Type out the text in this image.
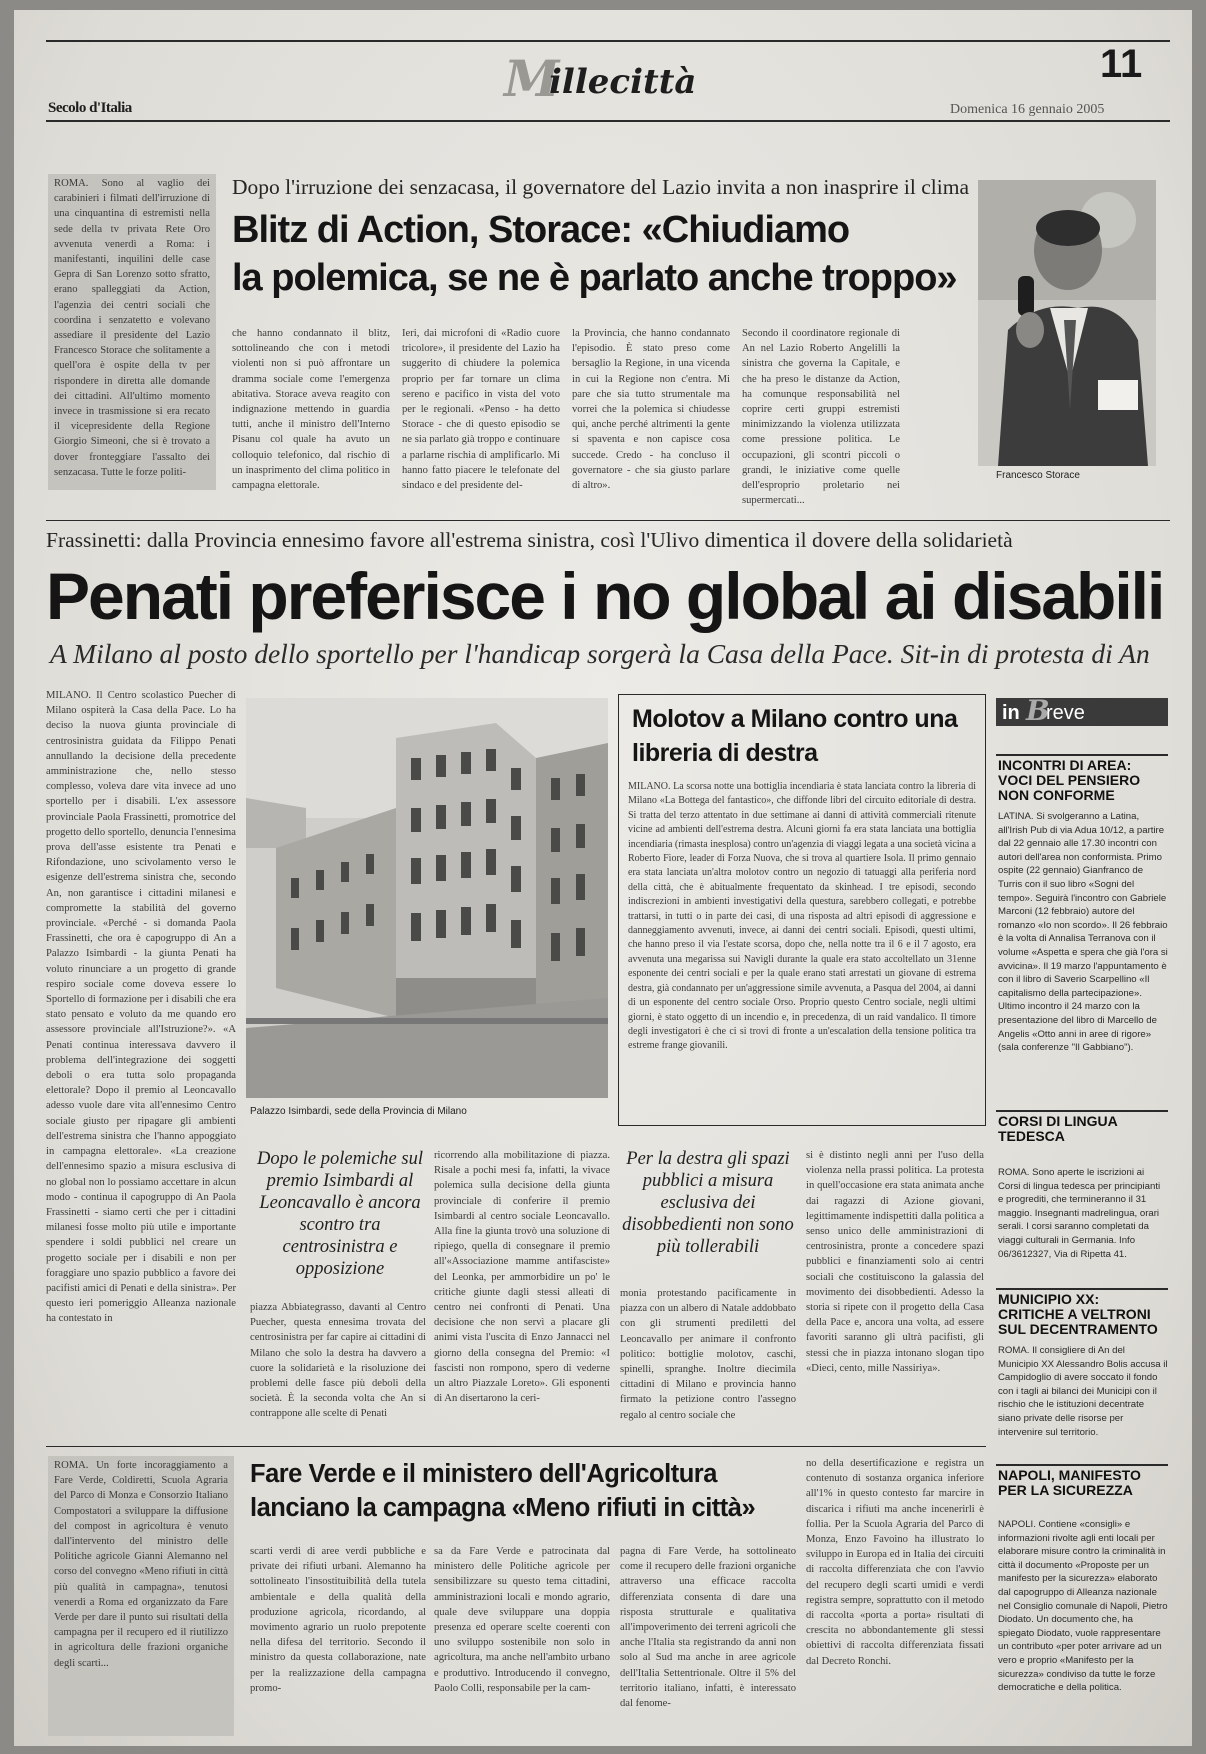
M
illecittà	11
Secolo d'Italia	Domenica 16 gennaio 2005
ROMA. Sono al vaglio dei carabinieri i filmati dell'irruzione di una cinquantina di estremisti nella sede della tv privata Rete Oro avvenuta venerdì a Roma: i manifestanti, inquilini delle case Gepra di San Lorenzo sotto sfratto, erano spalleggiati da Action, l'agenzia dei centri sociali che coordina i senzatetto e volevano assediare il presidente del Lazio Francesco Storace che solitamente a quell'ora è ospite della tv per rispondere in diretta alle domande dei cittadini. All'ultimo momento invece in trasmissione si era recato il vicepresidente della Regione Giorgio Simeoni, che si è trovato a dover fronteggiare l'assalto dei senzacasa. Tutte le forze politi-
Dopo l'irruzione dei senzacasa, il governatore del Lazio invita a non inasprire il clima
Blitz di Action, Storace: «Chiudiamo
la polemica, se ne è parlato anche troppo»
che hanno condannato il blitz, sottolineando che con i metodi violenti non si può affrontare un dramma sociale come l'emergenza abitativa. Storace aveva reagito con indignazione mettendo in guardia tutti, anche il ministro dell'Interno Pisanu col quale ha avuto un colloquio telefonico, dal rischio di un inasprimento del clima politico in campagna elettorale.
Ieri, dai microfoni di «Radio cuore tricolore», il presidente del Lazio ha suggerito di chiudere la polemica proprio per far tornare un clima sereno e pacifico in vista del voto per le regionali. «Penso - ha detto Storace - che di questo episodio se ne sia parlato già troppo e continuare a parlarne rischia di amplificarlo. Mi hanno fatto piacere le telefonate del sindaco e del presidente del-
la Provincia, che hanno condannato l'episodio. È stato preso come bersaglio la Regione, in una vicenda in cui la Regione non c'entra. Mi pare che sia tutto strumentale ma vorrei che la polemica si chiudesse qui, anche perché altrimenti la gente si spaventa e non capisce cosa succede. Credo - ha concluso il governatore - che sia giusto parlare di altro».
Secondo il coordinatore regionale di An nel Lazio Roberto Angelilli la sinistra che governa la Capitale, e che ha preso le distanze da Action, ha comunque responsabilità nel coprire certi gruppi estremisti minimizzando la violenza utilizzata come pressione politica. Le occupazioni, gli scontri piccoli o grandi, le iniziative come quelle dell'esproprio proletario nei supermercati...
Francesco Storace
Frassinetti: dalla Provincia ennesimo favore all'estrema sinistra, così l'Ulivo dimentica il dovere della solidarietà
Penati preferisce i no global ai disabili
A Milano al posto dello sportello per l'handicap sorgerà la Casa della Pace. Sit-in di protesta di An
MILANO. Il Centro scolastico Puecher di Milano ospiterà la Casa della Pace. Lo ha deciso la nuova giunta provinciale di centrosinistra guidata da Filippo Penati annullando la decisione della precedente amministrazione che, nello stesso complesso, voleva dare vita invece ad uno sportello per i disabili. L'ex assessore provinciale Paola Frassinetti, promotrice del progetto dello sportello, denuncia l'ennesima prova dell'asse esistente tra Penati e Rifondazione, uno scivolamento verso le esigenze dell'estrema sinistra che, secondo An, non garantisce i cittadini milanesi e compromette la stabilità del governo provinciale. «Perché - si domanda Paola Frassinetti, che ora è capogruppo di An a Palazzo Isimbardi - la giunta Penati ha voluto rinunciare a un progetto di grande respiro sociale come doveva essere lo Sportello di formazione per i disabili che era stato pensato e voluto da me quando ero assessore provinciale all'Istruzione?». «A Penati continua interessava davvero il problema dell'integrazione dei soggetti deboli o era tutta solo propaganda elettorale? Dopo il premio al Leoncavallo adesso vuole dare vita all'ennesimo Centro sociale giusto per ripagare gli ambienti dell'estrema sinistra che l'hanno appoggiato in campagna elettorale». «La creazione dell'ennesimo spazio a misura esclusiva di no global non lo possiamo accettare in alcun modo - continua il capogruppo di An Paola Frassinetti - siamo certi che per i cittadini milanesi fosse molto più utile e importante spendere i soldi pubblici nel creare un progetto sociale per i disabili e non per foraggiare uno spazio pubblico a favore dei pacifisti amici di Penati e della sinistra». Per questo ieri pomeriggio Alleanza nazionale ha contestato in
Palazzo Isimbardi, sede della Provincia di Milano
Dopo le polemiche sul premio Isimbardi al Leoncavallo è ancora scontro tra centrosinistra e opposizione
piazza Abbiategrasso, davanti al Centro Puecher, questa ennesima trovata del centrosinistra per far capire ai cittadini di Milano che solo la destra ha davvero a cuore la solidarietà e la risoluzione dei problemi delle fasce più deboli della società. È la seconda volta che An si contrappone alle scelte di Penati
ricorrendo alla mobilitazione di piazza. Risale a pochi mesi fa, infatti, la vivace polemica sulla decisione della giunta provinciale di conferire il premio Isimbardi al centro sociale Leoncavallo. Alla fine la giunta trovò una soluzione di ripiego, quella di consegnare il premio all'«Associazione mamme antifasciste» del Leonka, per ammorbidire un po' le critiche giunte dagli stessi alleati di centro nei confronti di Penati. Una decisione che non servì a placare gli animi vista l'uscita di Enzo Jannacci nel giorno della consegna del Premio: «I fascisti non rompono, spero di vederne un altro Piazzale Loreto». Gli esponenti di An disertarono la ceri-
Per la destra gli spazi pubblici a misura esclusiva dei disobbedienti non sono più tollerabili
monia protestando pacificamente in piazza con un albero di Natale addobbato con gli strumenti prediletti del Leoncavallo per animare il confronto politico: bottiglie molotov, caschi, spinelli, spranghe. Inoltre diecimila cittadini di Milano e provincia hanno firmato la petizione contro l'assegno regalo al centro sociale che
si è distinto negli anni per l'uso della violenza nella prassi politica. La protesta in quell'occasione era stata animata anche dai ragazzi di Azione giovani, legittimamente indispettiti dalla politica a senso unico delle amministrazioni di centrosinistra, pronte a concedere spazi pubblici e finanziamenti solo ai centri sociali che costituiscono la galassia del movimento dei disobbedienti. Adesso la storia si ripete con il progetto della Casa della Pace e, ancora una volta, ad essere favoriti saranno gli ultrà pacifisti, gli stessi che in piazza intonano slogan tipo «Dieci, cento, mille Nassiriya».
Molotov a Milano contro una libreria di destra
MILANO. La scorsa notte una bottiglia incendiaria è stata lanciata contro la libreria di Milano «La Bottega del fantastico», che diffonde libri del circuito editoriale di destra. Si tratta del terzo attentato in due settimane ai danni di attività commerciali ritenute vicine ad ambienti dell'estrema destra. Alcuni giorni fa era stata lanciata una bottiglia incendiaria (rimasta inesplosa) contro un'agenzia di viaggi legata a una società vicina a Roberto Fiore, leader di Forza Nuova, che si trova al quartiere Isola. Il primo gennaio era stata lanciata un'altra molotov contro un negozio di tatuaggi alla periferia nord della città, che è abitualmente frequentato da skinhead. I tre episodi, secondo indiscrezioni in ambienti investigativi della questura, sarebbero collegati, e potrebbe trattarsi, in tutti o in parte dei casi, di una risposta ad altri episodi di aggressione e danneggiamento avvenuti, invece, ai danni dei centri sociali. Episodi, questi ultimi, che hanno preso il via l'estate scorsa, dopo che, nella notte tra il 6 e il 7 agosto, era avvenuta una megarissa sui Navigli durante la quale era stato accoltellato un 31enne esponente dei centri sociali e per la quale erano stati arrestati un giovane di estrema destra, già condannato per un'aggressione simile avvenuta, a Pasqua del 2004, ai danni di un esponente del centro sociale Orso. Proprio questo Centro sociale, negli ultimi giorni, è stato oggetto di un incendio e, in precedenza, di un raid vandalico. Il timore degli investigatori è che ci si trovi di fronte a un'escalation della tensione politica tra estreme frange giovanili.
in B
reve
INCONTRI DI AREA: VOCI DEL PENSIERO NON CONFORME
LATINA. Si svolgeranno a Latina, all'Irish Pub di via Adua 10/12, a partire dal 22 gennaio alle 17.30 incontri con autori dell'area non conformista. Primo ospite (22 gennaio) Gianfranco de Turris con il suo libro «Sogni del tempo». Seguirà l'incontro con Gabriele Marconi (12 febbraio) autore del romanzo «Io non scordo». Il 26 febbraio è la volta di Annalisa Terranova con il volume «Aspetta e spera che già l'ora si avvicina». Il 19 marzo l'appuntamento è con il libro di Saverio Scarpellino «Il capitalismo della partecipazione». Ultimo incontro il 24 marzo con la presentazione del libro di Marcello de Angelis «Otto anni in aree di rigore» (sala conferenze "Il Gabbiano").
CORSI DI LINGUA TEDESCA
ROMA. Sono aperte le iscrizioni ai Corsi di lingua tedesca per principianti e progrediti, che termineranno il 31 maggio. Insegnanti madrelingua, orari serali. I corsi saranno completati da viaggi culturali in Germania. Info 06/3612327, Via di Ripetta 41.
MUNICIPIO XX: CRITICHE A VELTRONI SUL DECENTRAMENTO
ROMA. Il consigliere di An del Municipio XX Alessandro Bolis accusa il Campidoglio di avere soccato il fondo con i tagli ai bilanci dei Municipi con il rischio che le istituzioni decentrate siano private delle risorse per intervenire sul territorio.
NAPOLI, MANIFESTO PER LA SICUREZZA
NAPOLI. Contiene «consigli» e informazioni rivolte agli enti locali per elaborare misure contro la criminalità in città il documento «Proposte per un manifesto per la sicurezza» elaborato dal capogruppo di Alleanza nazionale nel Consiglio comunale di Napoli, Pietro Diodato. Un documento che, ha spiegato Diodato, vuole rappresentare un contributo «per poter arrivare ad un vero e proprio «Manifesto per la sicurezza» condiviso da tutte le forze democratiche e della politica.
ROMA. Un forte incoraggiamento a Fare Verde, Coldiretti, Scuola Agraria del Parco di Monza e Consorzio Italiano Compostatori a sviluppare la diffusione del compost in agricoltura è venuto dall'intervento del ministro delle Politiche agricole Gianni Alemanno nel corso del convegno «Meno rifiuti in città più qualità in campagna», tenutosi venerdì a Roma ed organizzato da Fare Verde per dare il punto sui risultati della campagna per il recupero ed il riutilizzo in agricoltura delle frazioni organiche degli scarti...
Fare Verde e il ministero dell'Agricoltura
lanciano la campagna «Meno rifiuti in città»
scarti verdi di aree verdi pubbliche e private dei rifiuti urbani. Alemanno ha sottolineato l'insostituibilità della tutela ambientale e della qualità della produzione agricola, ricordando, al movimento agrario un ruolo prepotente nella difesa del territorio. Secondo il ministro da questa collaborazione, nate per la realizzazione della campagna promo-
sa da Fare Verde e patrocinata dal ministero delle Politiche agricole per sensibilizzare su questo tema cittadini, amministrazioni locali e mondo agrario, quale deve sviluppare una doppia presenza ed operare scelte coerenti con uno sviluppo sostenibile non solo in agricoltura, ma anche nell'ambito urbano e produttivo. Introducendo il convegno, Paolo Colli, responsabile per la cam-
pagna di Fare Verde, ha sottolineato come il recupero delle frazioni organiche attraverso una efficace raccolta differenziata consenta di dare una risposta strutturale e qualitativa all'impoverimento dei terreni agricoli che anche l'Italia sta registrando da anni non solo al Sud ma anche in aree agricole dell'Italia Settentrionale. Oltre il 5% del territorio italiano, infatti, è interessato dal fenome-
no della desertificazione e registra un contenuto di sostanza organica inferiore all'1% in questo contesto far marcire in discarica i rifiuti ma anche incenerirli è follia. Per la Scuola Agraria del Parco di Monza, Enzo Favoino ha illustrato lo sviluppo in Europa ed in Italia dei circuiti di raccolta differenziata che con l'avvio del recupero degli scarti umidi e verdi registra sempre, soprattutto con il metodo di raccolta «porta a porta» risultati di crescita no abbondantemente gli stessi obiettivi di raccolta differenziata fissati dal Decreto Ronchi.
